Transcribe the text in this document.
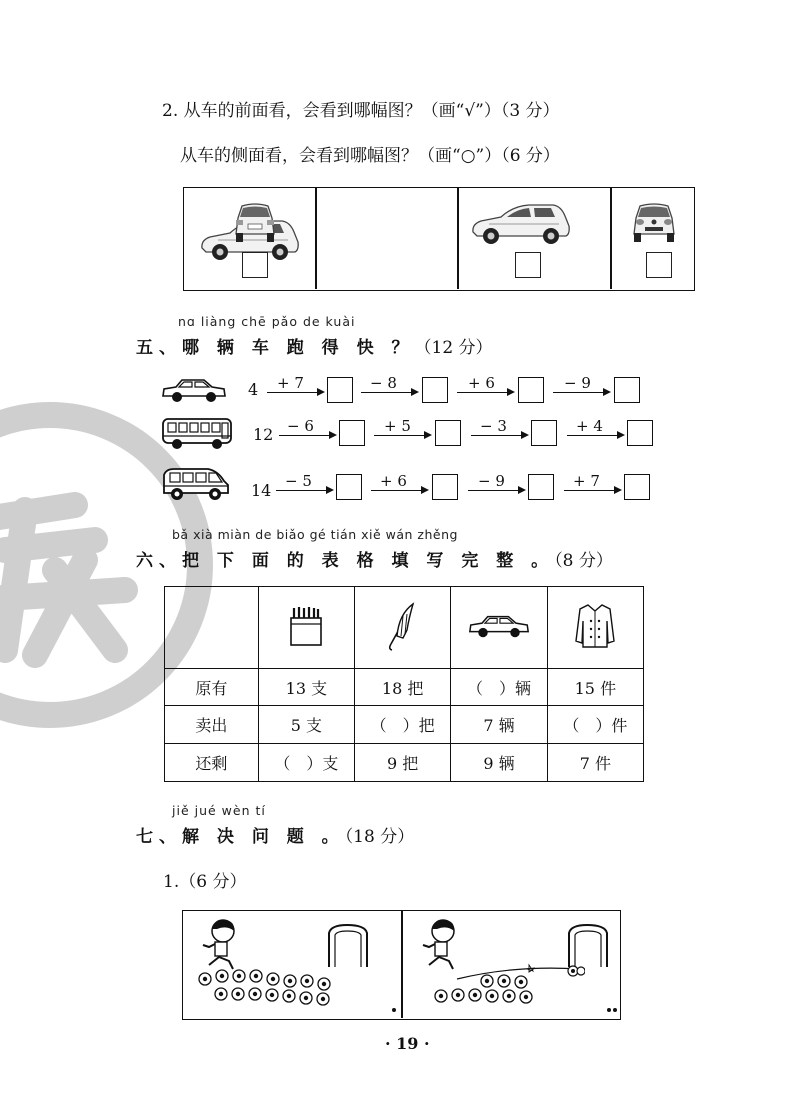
2. 从车的前面看，会看到哪幅图？（画“√”）（3 分）
从车的侧面看，会看到哪幅图？（画“○”）（6 分）
nɑ liàng chē pǎo de kuài
五、哪 辆 车 跑 得 快 ？（12 分）
4 + 7	− 8	+ 6	− 9
12 − 6	+ 5	− 3	+ 4
14 − 5	+ 6	− 9	+ 7
bǎ xià miàn de biǎo gé tián xiě wán zhěng
六、把 下 面 的 表 格 填 写 完 整 。（8 分）

原有	13 支	18 把	（　）辆	15 件
卖出	5 支	（　）把	7 辆	（　）件
还剩	（　）支	9 把	9 辆	7 件
jiě jué wèn tí
七、解 决 问 题 。（18 分）
1.（6 分）
· 19 ·
